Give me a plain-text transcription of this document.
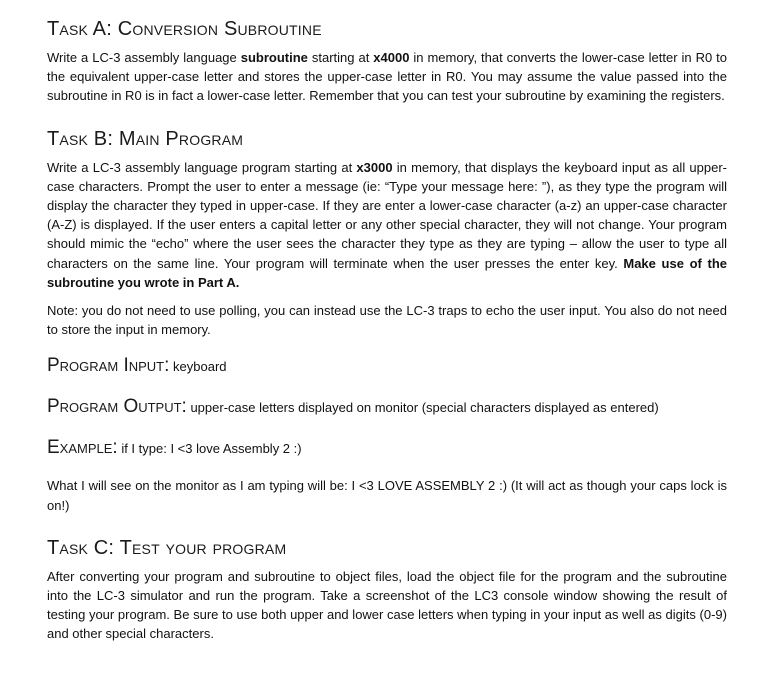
Task A: Conversion Subroutine

Write a LC-3 assembly language subroutine starting at x4000 in memory, that converts the lower-case letter in R0 to the equivalent upper-case letter and stores the upper-case letter in R0. You may assume the value passed into the subroutine in R0 is in fact a lower-case letter. Remember that you can test your subroutine by examining the registers.

Task B: Main Program

Write a LC-3 assembly language program starting at x3000 in memory, that displays the keyboard input as all upper-case characters. Prompt the user to enter a message (ie: “Type your message here: ”), as they type the program will display the character they typed in upper-case. If they are enter a lower-case character (a-z) an upper-case character (A-Z) is displayed. If the user enters a capital letter or any other special character, they will not change. Your program should mimic the “echo” where the user sees the character they type as they are typing – allow the user to type all characters on the same line. Your program will terminate when the user presses the enter key. Make use of the subroutine you wrote in Part A.

Note: you do not need to use polling, you can instead use the LC-3 traps to echo the user input. You also do not need to store the input in memory.

Program Input: keyboard
Program Output: upper-case letters displayed on monitor (special characters displayed as entered)
Example: if I type: I <3 love Assembly 2 :)

What I will see on the monitor as I am typing will be: I <3 LOVE ASSEMBLY 2 :) (It will act as though your caps lock is on!)

Task C: Test your program

After converting your program and subroutine to object files, load the object file for the program and the subroutine into the LC-3 simulator and run the program. Take a screenshot of the LC3 console window showing the result of testing your program. Be sure to use both upper and lower case letters when typing in your input as well as digits (0-9) and other special characters.
